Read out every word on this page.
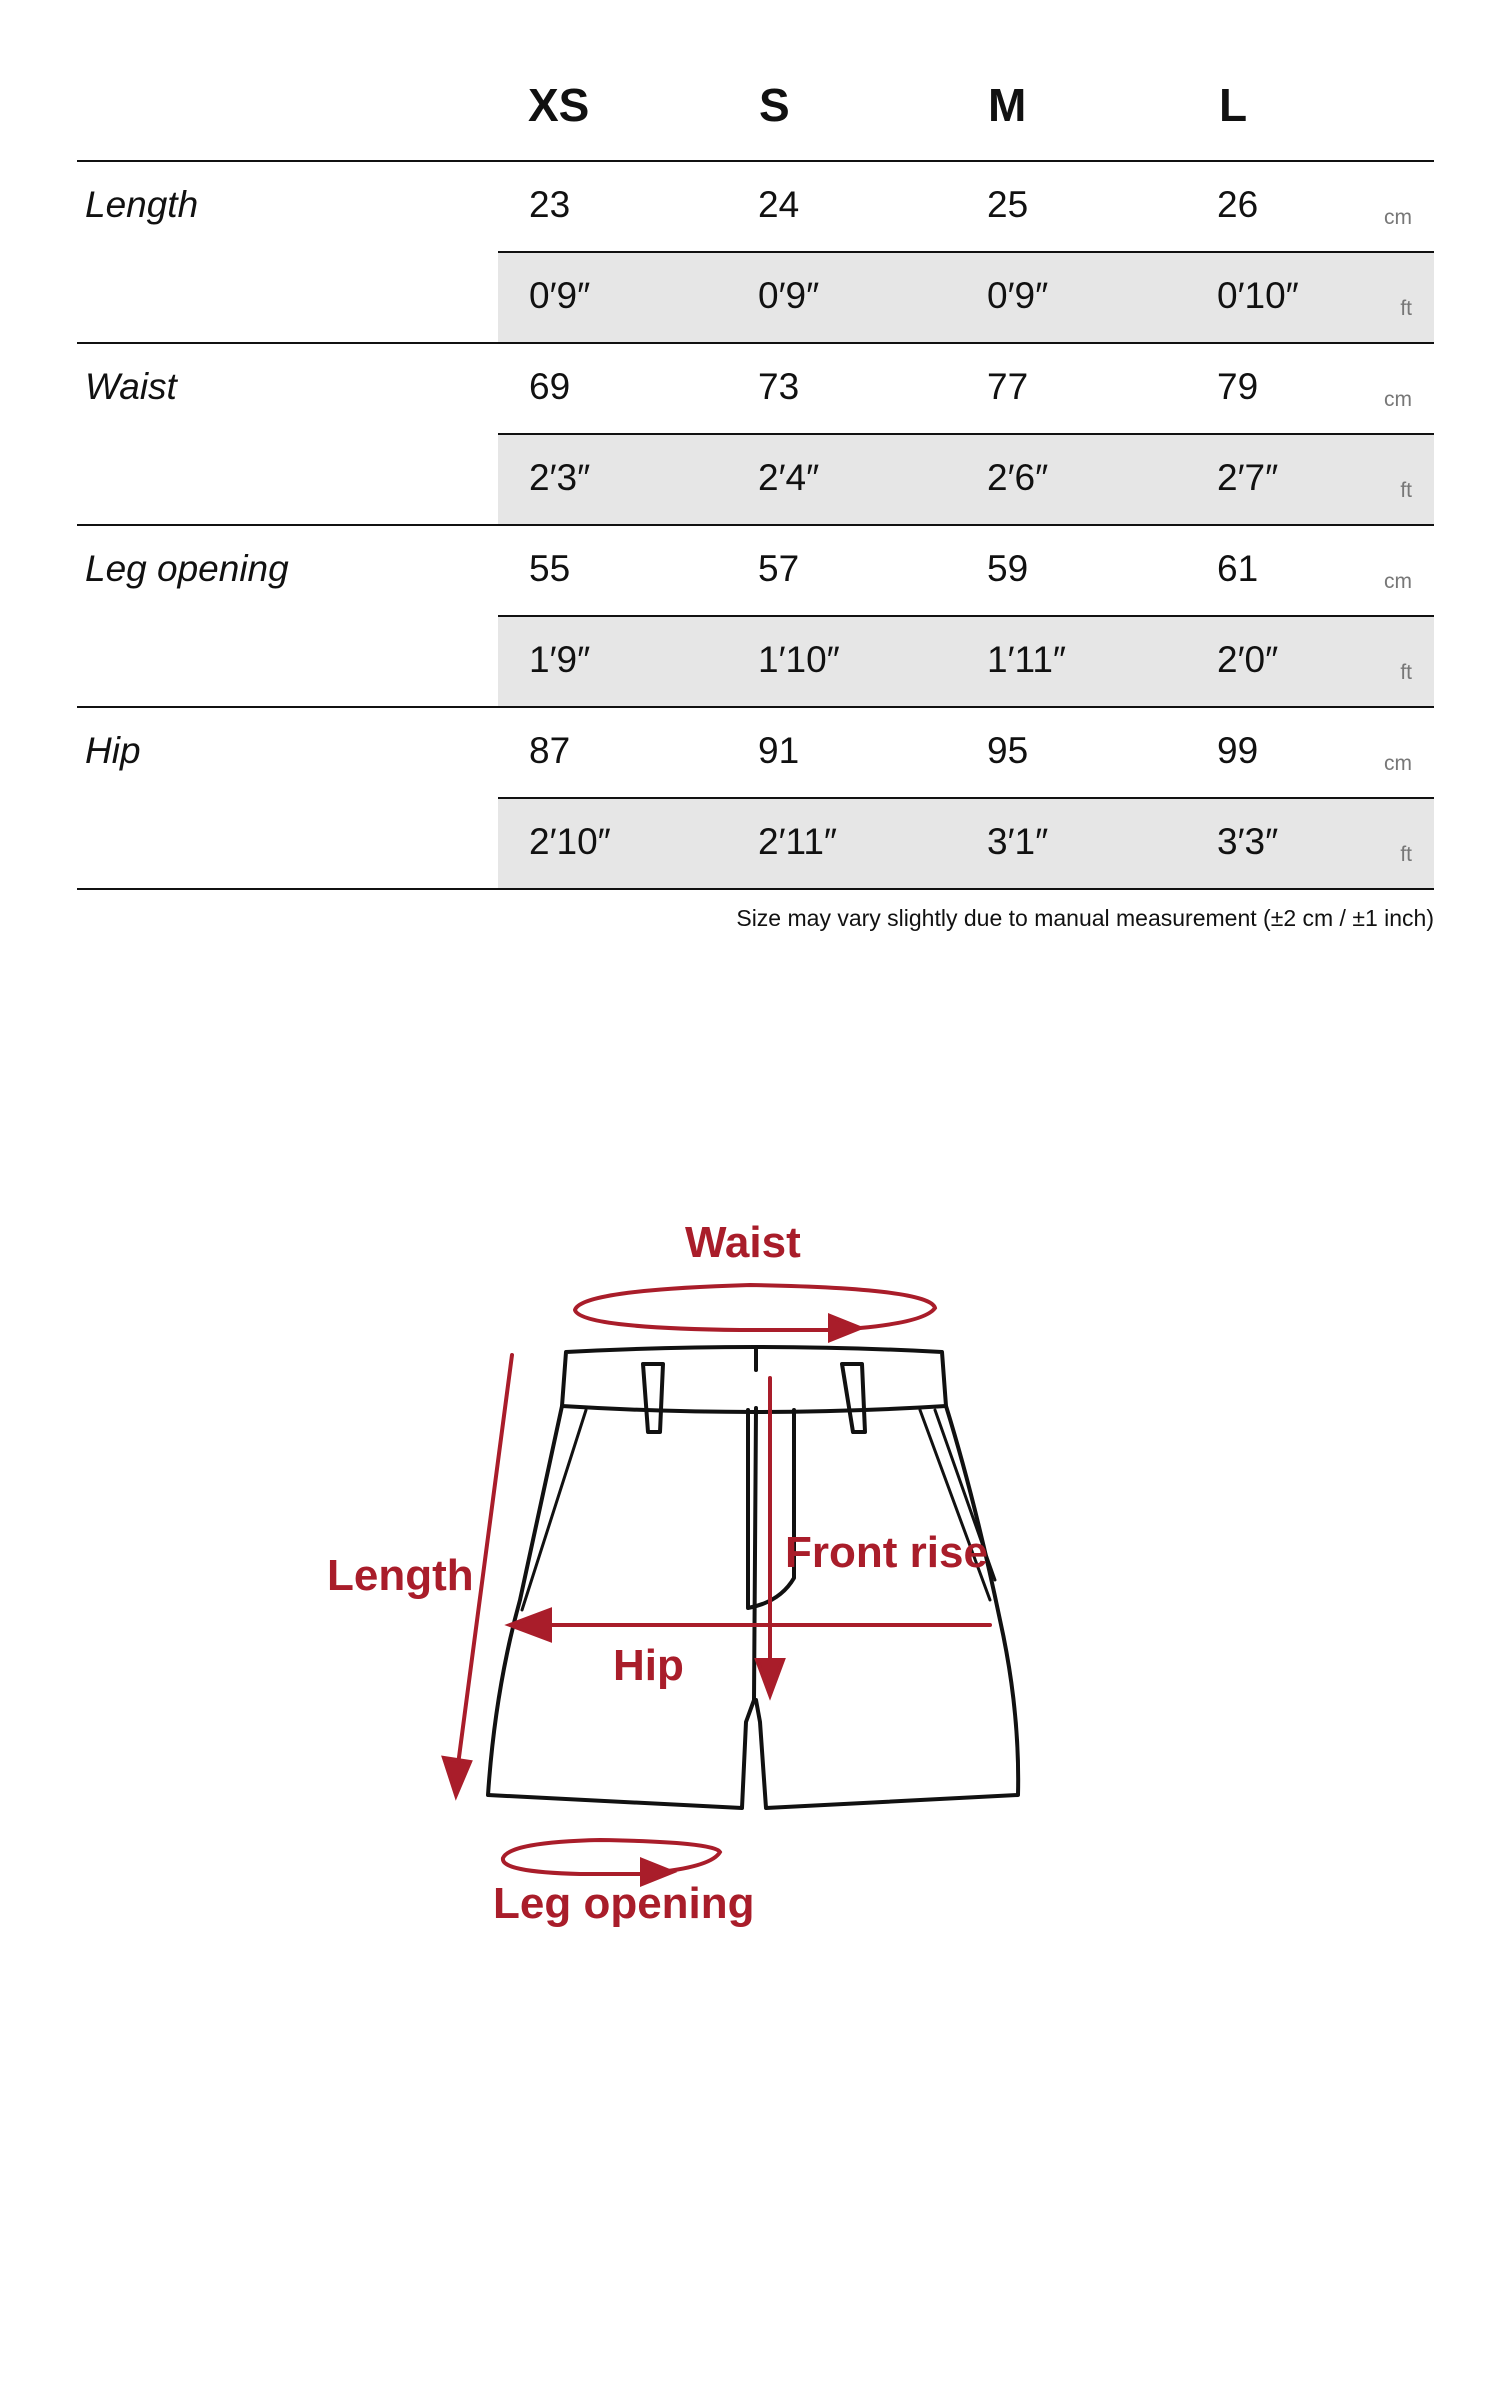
XS	S	M	L
Length	23	24	25	26	cm
0′9″	0′9″	0′9″	0′10″	ft
Waist	69	73	77	79	cm
2′3″	2′4″	2′6″	2′7″	ft
Leg opening	55	57	59	61	cm
1′9″	1′10″	1′11″	2′0″	ft
Hip	87	91	95	99	cm
2′10″	2′11″	3′1″	3′3″	ft
Size may vary slightly due to manual measurement (±2 cm / ±1 inch)
Waist
Length	Front rise
Hip
Leg opening
